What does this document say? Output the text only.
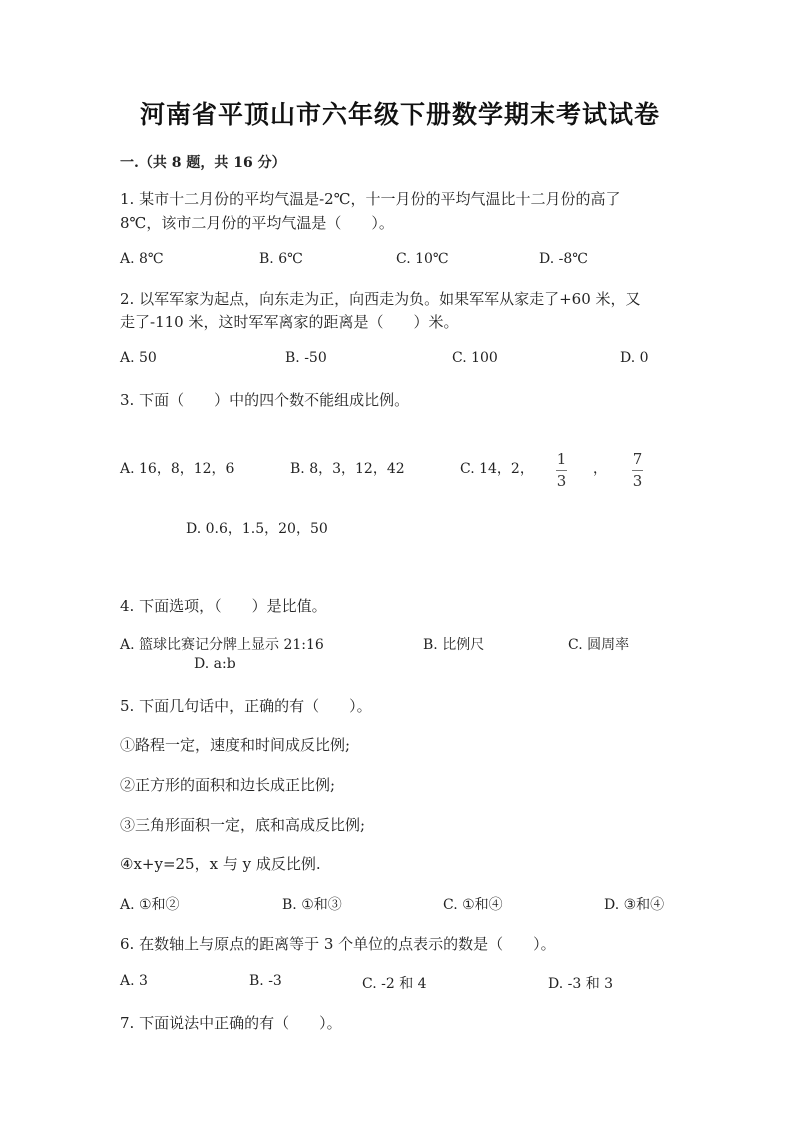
河南省平顶山市六年级下册数学期末考试试卷
一.（共 8 题，共 16 分）
1. 某市十二月份的平均气温是-2℃，十一月份的平均气温比十二月份的高了
8℃，该市二月份的平均气温是（　　）。
A. 8℃	B. 6℃	C. 10℃	D. -8℃
2. 以军军家为起点，向东走为正，向西走为负。如果军军从家走了+60 米，又
走了-110 米，这时军军离家的距离是（　　）米。
A. 50	B. -50	C. 100	D. 0
3. 下面（　　）中的四个数不能组成比例。
A. 16，8，12，6	B. 8，3，12，42	C. 14，2，
1
3
，
7
3
D. 0.6，1.5，20，50
4. 下面选项，（　　）是比值。
A. 篮球比赛记分牌上显示 21:16	B. 比例尺	C. 圆周率
D. a:b
5. 下面几句话中，正确的有（　　）。
①路程一定，速度和时间成反比例;
②正方形的面积和边长成正比例;
③三角形面积一定，底和高成反比例;
④x+y=25，x 与 y 成反比例.
A. ①和②	B. ①和③	C. ①和④	D. ③和④
6. 在数轴上与原点的距离等于 3 个单位的点表示的数是（　　）。
A. 3	B. -3	C. -2 和 4	D. -3 和 3
7. 下面说法中正确的有（　　）。
